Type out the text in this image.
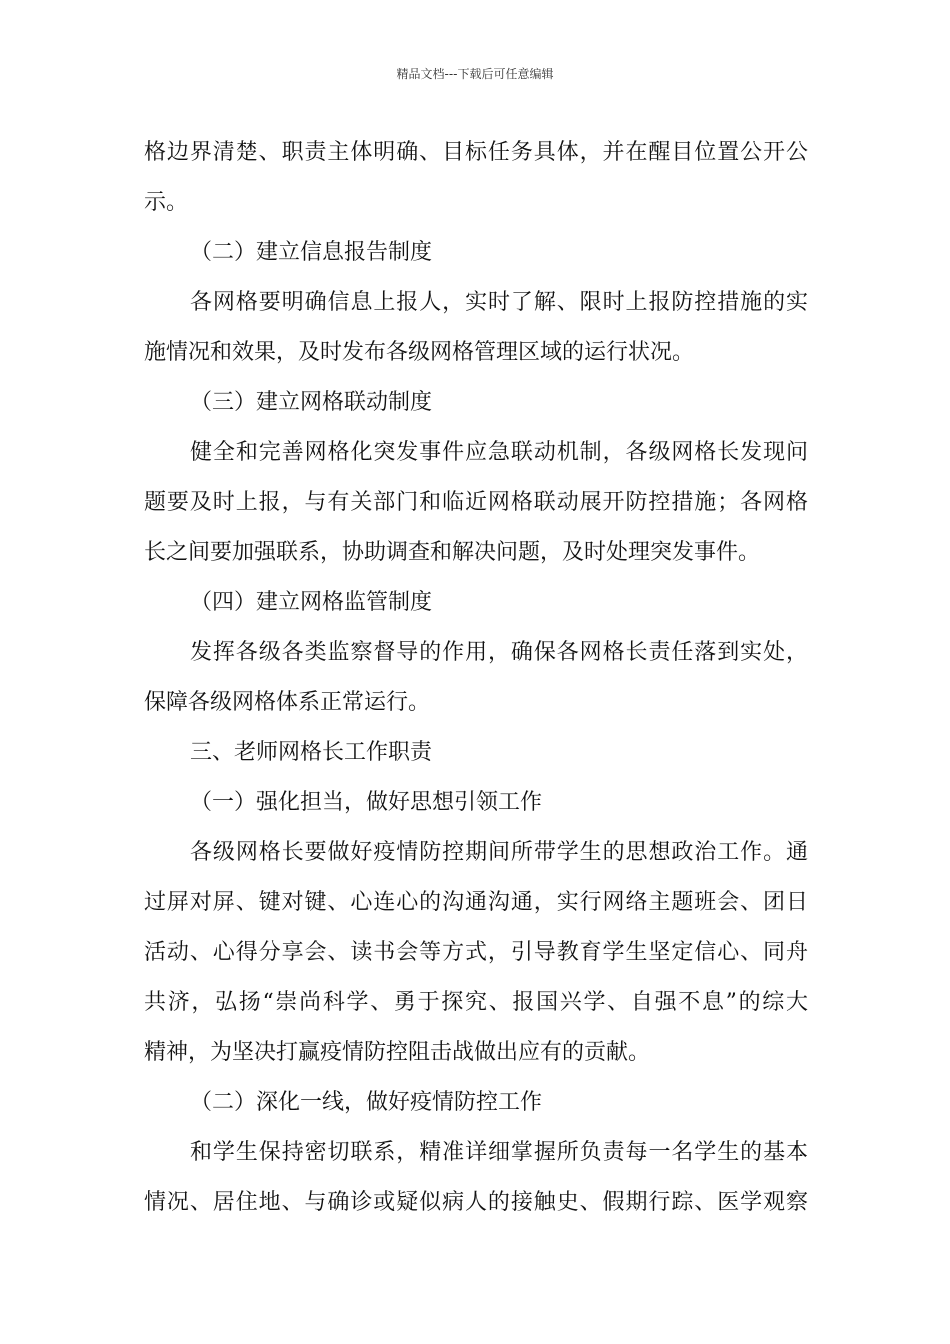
精品文档---下载后可任意编辑
格边界清楚、职责主体明确、目标任务具体，并在醒目位置公开公
示。
（二）建立信息报告制度
各网格要明确信息上报人，实时了解、限时上报防控措施的实
施情况和效果，及时发布各级网格管理区域的运行状况。
（三）建立网格联动制度
健全和完善网格化突发事件应急联动机制，各级网格长发现问
题要及时上报，与有关部门和临近网格联动展开防控措施；各网格
长之间要加强联系，协助调查和解决问题，及时处理突发事件。
（四）建立网格监管制度
发挥各级各类监察督导的作用，确保各网格长责任落到实处，
保障各级网格体系正常运行。
三、老师网格长工作职责
（一）强化担当，做好思想引领工作
各级网格长要做好疫情防控期间所带学生的思想政治工作。通
过屏对屏、键对键、心连心的沟通沟通，实行网络主题班会、团日
活动、心得分享会、读书会等方式，引导教育学生坚定信心、同舟
共济，弘扬“崇尚科学、勇于探究、报国兴学、自强不息”的综大
精神，为坚决打赢疫情防控阻击战做出应有的贡献。
（二）深化一线，做好疫情防控工作
和学生保持密切联系，精准详细掌握所负责每一名学生的基本
情况、居住地、与确诊或疑似病人的接触史、假期行踪、医学观察
